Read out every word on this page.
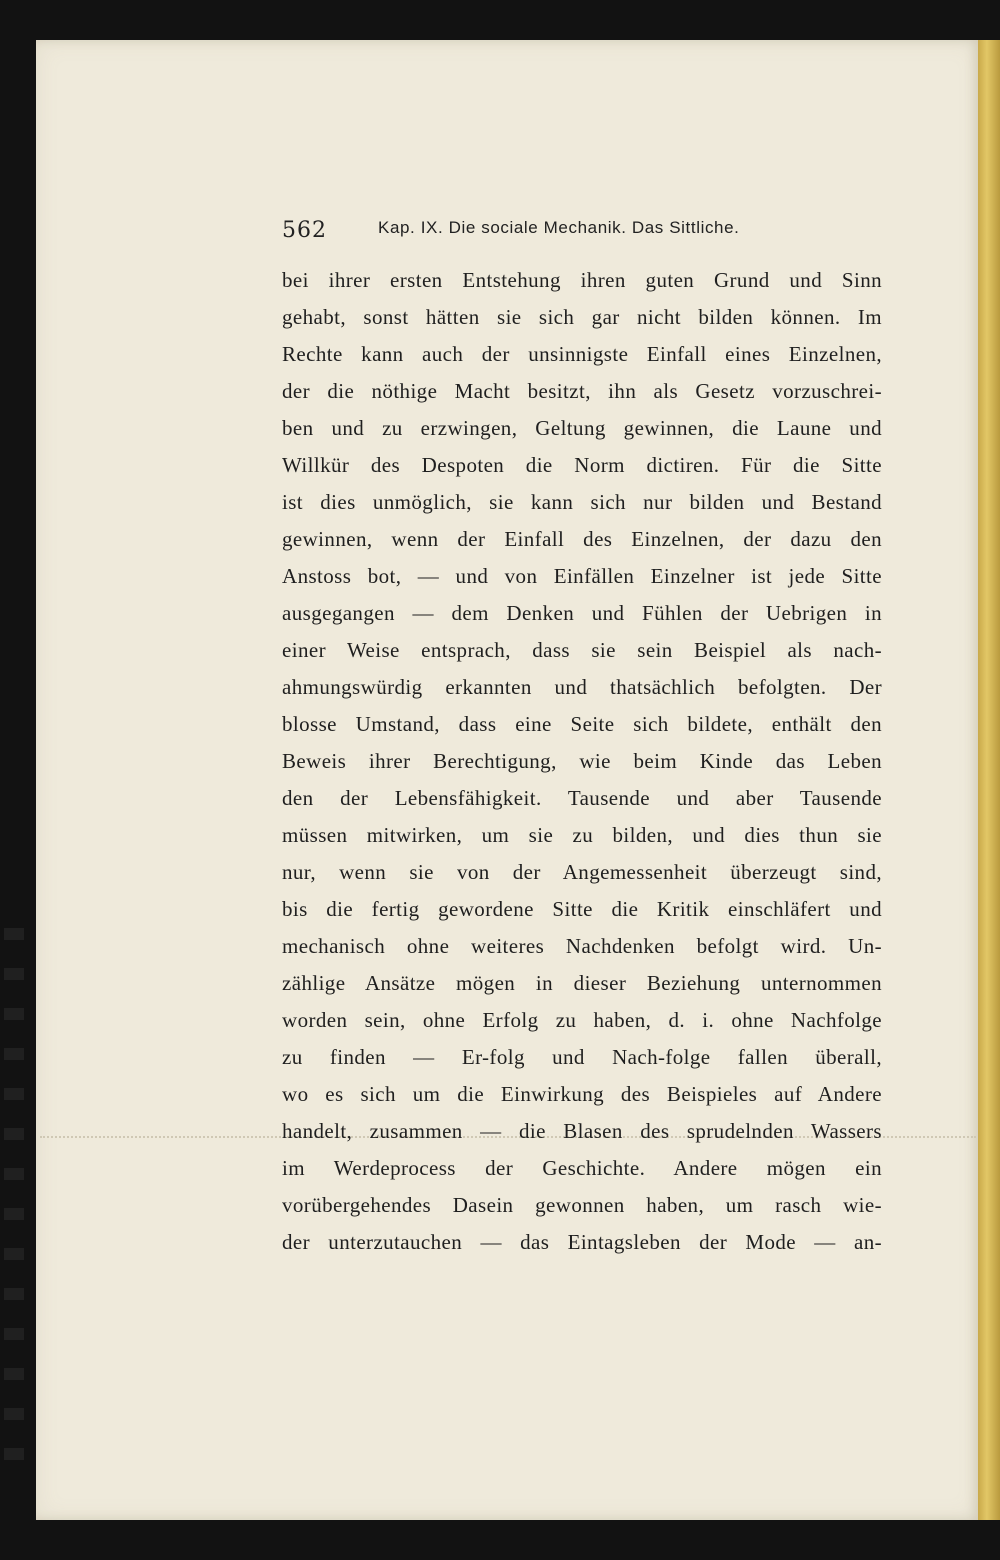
562	Kap. IX. Die sociale Mechanik. Das Sittliche.
bei ihrer ersten Entstehung ihren guten Grund und Sinn
gehabt, sonst hätten sie sich gar nicht bilden können. Im
Rechte kann auch der unsinnigste Einfall eines Einzelnen,
der die nöthige Macht besitzt, ihn als Gesetz vorzuschrei-
ben und zu erzwingen, Geltung gewinnen, die Laune und
Willkür des Despoten die Norm dictiren. Für die Sitte
ist dies unmöglich, sie kann sich nur bilden und Bestand
gewinnen, wenn der Einfall des Einzelnen, der dazu den
Anstoss bot, — und von Einfällen Einzelner ist jede Sitte
ausgegangen — dem Denken und Fühlen der Uebrigen in
einer Weise entsprach, dass sie sein Beispiel als nach-
ahmungswürdig erkannten und thatsächlich befolgten. Der
blosse Umstand, dass eine Seite sich bildete, enthält den
Beweis ihrer Berechtigung, wie beim Kinde das Leben
den der Lebensfähigkeit. Tausende und aber Tausende
müssen mitwirken, um sie zu bilden, und dies thun sie
nur, wenn sie von der Angemessenheit überzeugt sind,
bis die fertig gewordene Sitte die Kritik einschläfert und
mechanisch ohne weiteres Nachdenken befolgt wird. Un-
zählige Ansätze mögen in dieser Beziehung unternommen
worden sein, ohne Erfolg zu haben, d. i. ohne Nachfolge
zu finden — Er-folg und Nach-folge fallen überall,
wo es sich um die Einwirkung des Beispieles auf Andere
handelt, zusammen — die Blasen des sprudelnden Wassers
im Werdeprocess der Geschichte. Andere mögen ein
vorübergehendes Dasein gewonnen haben, um rasch wie-
der unterzutauchen — das Eintagsleben der Mode — an-
